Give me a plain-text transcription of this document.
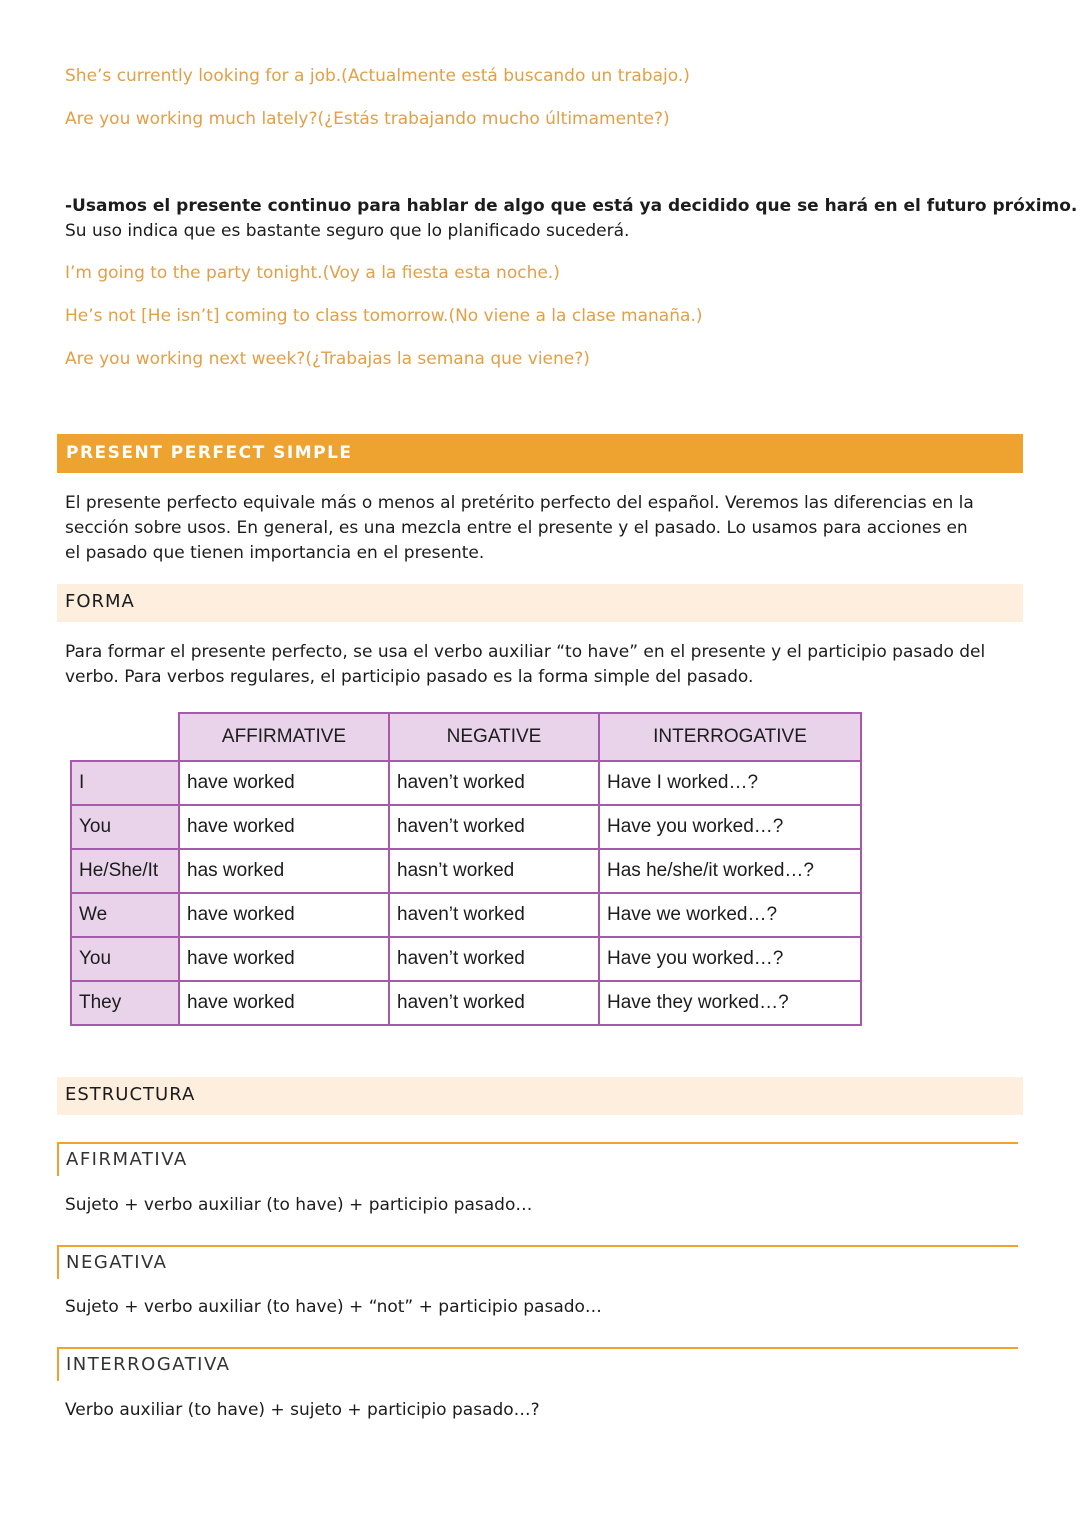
She’s currently looking for a job.(Actualmente está buscando un trabajo.)
Are you working much lately?(¿Estás trabajando mucho últimamente?)
-Usamos el presente continuo para hablar de algo que está ya decidido que se hará en el futuro próximo.
Su uso indica que es bastante seguro que lo planificado sucederá.
I’m going to the party tonight.(Voy a la fiesta esta noche.)
He’s not [He isn’t] coming to class tomorrow.(No viene a la clase manaña.)
Are you working next week?(¿Trabajas la semana que viene?)
PRESENT PERFECT SIMPLE
El presente perfecto equivale más o menos al pretérito perfecto del español. Veremos las diferencias en la
sección sobre usos. En general, es una mezcla entre el presente y el pasado. Lo usamos para acciones en
el pasado que tienen importancia en el presente.
FORMA
Para formar el presente perfecto, se usa el verbo auxiliar “to have” en el presente y el participio pasado del
verbo. Para verbos regulares, el participio pasado es la forma simple del pasado.
	AFFIRMATIVE	NEGATIVE	INTERROGATIVE
I	have worked	haven’t worked	Have I worked…?
You	have worked	haven’t worked	Have you worked…?
He/She/It	has worked	hasn’t worked	Has he/she/it worked…?
We	have worked	haven’t worked	Have we worked…?
You	have worked	haven’t worked	Have you worked…?
They	have worked	haven’t worked	Have they worked…?
ESTRUCTURA
AFIRMATIVA
Sujeto + verbo auxiliar (to have) + participio pasado…
NEGATIVA
Sujeto + verbo auxiliar (to have) + “not” + participio pasado…
INTERROGATIVA
Verbo auxiliar (to have) + sujeto + participio pasado…?
